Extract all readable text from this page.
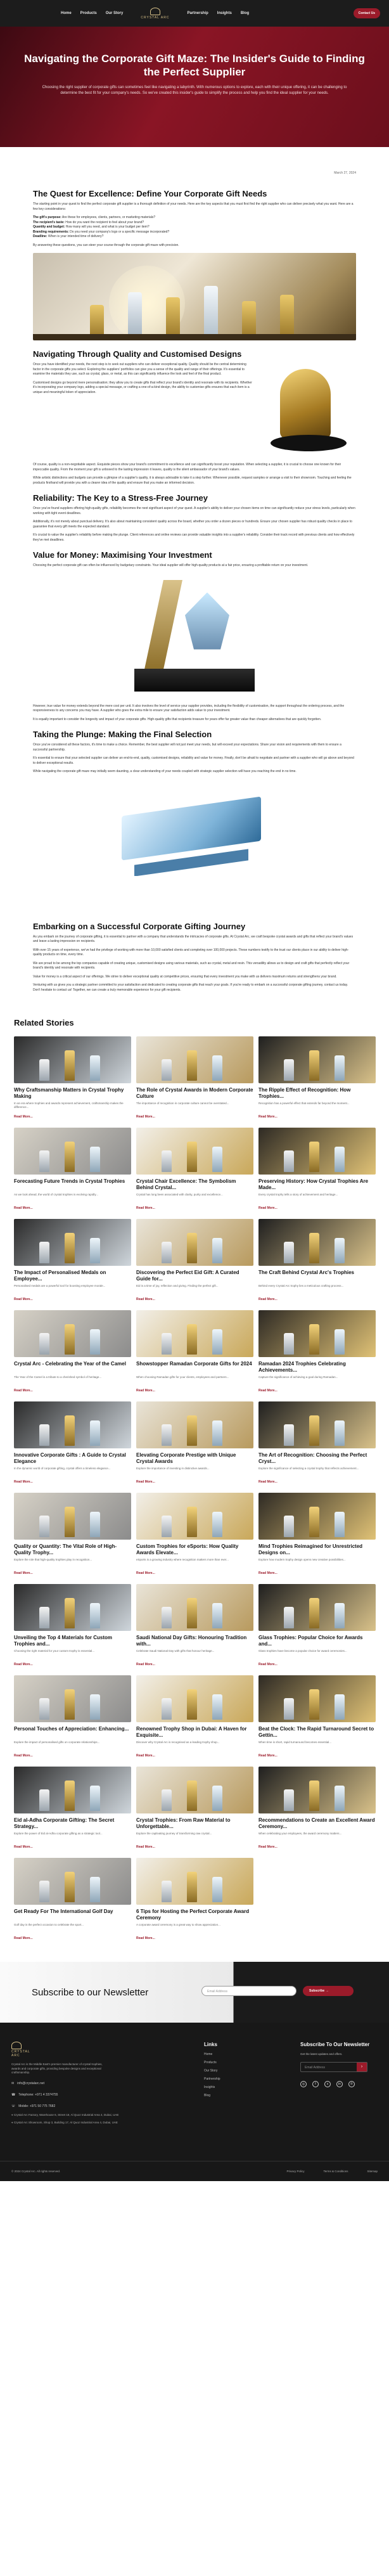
Home Products Our Story
CRYSTAL ARC
Partnership Insights Blog	Contact Us
Navigating the Corporate Gift Maze: The Insider's Guide to Finding the Perfect Supplier

Choosing the right supplier of corporate gifts can sometimes feel like navigating a labyrinth. With numerous options to explore, each with their unique offering, it can be challenging to determine the best fit for your company's needs. So we've created this insider's guide to simplify the process and help you find the ideal supplier for your needs.

March 27, 2024
The Quest for Excellence: Define Your Corporate Gift Needs

The starting point in your quest to find the perfect corporate gift supplier is a thorough definition of your needs. Here are the key aspects that you must first find the right supplier who can deliver precisely what you want. Here are a few key considerations:

The gift's purpose: Are these for employees, clients, partners, or marketing materials?
The recipient's taste: How do you want the recipient to feel about your brand?
Quantity and budget: How many will you need, and what is your budget per item?
Branding requirements: Do you need your company's logo or a specific message incorporated?
Deadline: When is your intended time of delivery?

By answering these questions, you can steer your course through the corporate gift maze with precision.

Navigating Through Quality and Customised Designs

Once you have identified your needs, the next step is to seek out suppliers who can deliver exceptional quality. Quality should be the central determining factor in the corporate gifts you select. Exploring the suppliers' portfolios can give you a sense of the quality and range of their offerings. It's essential to examine the materials they use, such as crystal, glass, or metal, as this can significantly influence the look and feel of the final product.

Customised designs go beyond mere personalisation; they allow you to create gifts that reflect your brand's identity and resonate with its recipients. Whether it's incorporating your company logo, adding a special message, or crafting a one-of-a-kind design, the ability to customise gifts ensures that each item is a unique and meaningful token of appreciation.

Of course, quality is a non-negotiable aspect. Exquisite pieces show your brand's commitment to excellence and can significantly boost your reputation. When selecting a supplier, it is crucial to choose one known for their impeccable quality. From the moment your gift is unboxed to the lasting impression it leaves, quality is the silent ambassador of your brand's values.

While artistic distinctions and budgets can provide a glimpse of a supplier's quality, it is always advisable to take it a step further. Whenever possible, request samples or arrange a visit to their showroom. Touching and feeling the products firsthand will provide you with a clearer idea of the quality and ensure that you make an informed decision.

Reliability: The Key to a Stress-Free Journey

Once you've found suppliers offering high-quality gifts, reliability becomes the next significant aspect of your quest. A supplier's ability to deliver your chosen items on time can significantly reduce your stress levels, particularly when working with tight event deadlines.

Additionally, it's not merely about punctual delivery. It's also about maintaining consistent quality across the board, whether you order a dozen pieces or hundreds. Ensure your chosen supplier has robust quality checks in place to guarantee that every gift meets the expected standard.

It's crucial to value the supplier's reliability before making the plunge. Client references and online reviews can provide valuable insights into a supplier's reliability. Consider their track record with previous clients and how effectively they've met deadlines.

Value for Money: Maximising Your Investment

Choosing the perfect corporate gift can often be influenced by budgetary constraints. Your ideal supplier will offer high-quality products at a fair price, ensuring a profitable return on your investment.

However, true value for money extends beyond the mere cost per unit. It also involves the level of service your supplier provides, including the flexibility of customisation, the support throughout the ordering process, and the responsiveness to any concerns you may have. A supplier who goes the extra mile to ensure your satisfaction adds value to your investment.

It is equally important to consider the longevity and impact of your corporate gifts. High-quality gifts that recipients treasure for years offer far greater value than cheaper alternatives that are quickly forgotten.

Taking the Plunge: Making the Final Selection

Once you've considered all these factors, it's time to make a choice. Remember, the best supplier will not just meet your needs, but will exceed your expectations. Share your vision and requirements with them to ensure a successful partnership.

It's essential to ensure that your selected supplier can deliver an end-to-end, quality, customised designs, reliability and value for money. Finally, don't be afraid to negotiate and partner with a supplier who will go above and beyond to deliver exceptional results.

While navigating the corporate gift maze may initially seem daunting, a clear understanding of your needs coupled with strategic supplier selection will have you reaching the end in no time.

Embarking on a Successful Corporate Gifting Journey

As you embark on the journey of corporate gifting, it is essential to partner with a company that understands the intricacies of corporate gifts. At Crystal Arc, we craft bespoke crystal awards and gifts that reflect your brand's values and leave a lasting impression on recipients.

With over 15 years of experience, we've had the privilege of working with more than 10,000 satisfied clients and completing over 100,000 projects. These numbers testify to the trust our clients place in our ability to deliver high-quality products on time, every time.

We are proud to be among the top companies capable of creating unique, customised designs using various materials, such as crystal, metal and resin. This versatility allows us to design and craft gifts that perfectly reflect your brand's identity and resonate with recipients.

Value for money is a critical aspect of our offerings. We strive to deliver exceptional quality at competitive prices, ensuring that every investment you make with us delivers maximum returns and strengthens your brand.

Venturing with us gives you a strategic partner committed to your satisfaction and dedicated to creating corporate gifts that reach your goals. If you're ready to embark on a successful corporate gifting journey, contact us today. Don't hesitate to contact us! Together, we can create a truly memorable experience for your gift recipients.

Related Stories
Why Craftsmanship Matters in Crystal Trophy Making
In an era where trophies and awards represent achievement, craftsmanship makes the difference...
Read More...
The Role of Crystal Awards in Modern Corporate Culture
The importance of recognition in corporate culture cannot be overstated...
Read More...
The Ripple Effect of Recognition: How Trophies...
Recognition has a powerful effect that extends far beyond the moment...
Read More...
Forecasting Future Trends in Crystal Trophies
As we look ahead, the world of crystal trophies is evolving rapidly...
Read More...
Crystal Chair Excellence: The Symbolism Behind Crystal...
Crystal has long been associated with clarity, purity and excellence...
Read More...
Preserving History: How Crystal Trophies Are Made...
Every crystal trophy tells a story of achievement and heritage...
Read More...
The Impact of Personalised Medals on Employee...
Personalised medals are a powerful tool for boosting employee morale...
Read More...
Discovering the Perfect Eid Gift: A Curated Guide for...
Eid is a time of joy, reflection and giving. Finding the perfect gift...
Read More...
The Craft Behind Crystal Arc's Trophies
Behind every Crystal Arc trophy lies a meticulous crafting process...
Read More...
Crystal Arc - Celebrating the Year of the Camel
The Year of the Camel is a tribute to a cherished symbol of heritage...
Read More...
Showstopper Ramadan Corporate Gifts for 2024
When choosing Ramadan gifts for your clients, employees and partners...
Read More...
Ramadan 2024 Trophies Celebrating Achievements...
Capture the significance of achieving a goal during Ramadan...
Read More...
Innovative Corporate Gifts : A Guide to Crystal Elegance
In the dynamic world of corporate gifting, crystal offers a timeless elegance...
Read More...
Elevating Corporate Prestige with Unique Crystal Awards
Explore the importance of investing in distinctive awards...
Read More...
The Art of Recognition: Choosing the Perfect Cryst...
Explore the significance of selecting a crystal trophy that reflects achievement...
Read More...
Quality or Quantity: The Vital Role of High-Quality Trophy...
Explore the role that high-quality trophies play in recognition...
Read More...
Custom Trophies for eSports: How Quality Awards Elevate...
eSports is a growing industry where recognition matters more than ever...
Read More...
Mind Trophies Reimagined for Unrestricted Designs on...
Explore how modern trophy design opens new creative possibilities...
Read More...
Unveiling the Top 4 Materials for Custom Trophies and...
Choosing the right material for your custom trophy is essential...
Read More...
Saudi National Day Gifts: Honouring Tradition with...
Celebrate Saudi National Day with gifts that honour heritage...
Read More...
Glass Trophies: Popular Choice for Awards and...
Glass trophies have become a popular choice for award ceremonies...
Read More...
Personal Touches of Appreciation: Enhancing...
Explore the impact of personalised gifts on corporate relationships...
Read More...
Renowned Trophy Shop in Dubai: A Haven for Exquisite...
Discover why Crystal Arc is recognised as a leading trophy shop...
Read More...
Beat the Clock: The Rapid Turnaround Secret to Gettin...
When time is short, rapid turnaround becomes essential...
Read More...
Eid al-Adha Corporate Gifting: The Secret Strategy...
Explore the power of Eid al-Adha corporate gifting as a strategic tool...
Read More...
Crystal Trophies: From Raw Material to Unforgettable...
Explore the captivating journey of transforming raw crystal...
Read More...
Recommendations to Create an Excellent Award Ceremony...
When celebrating your employees, the award ceremony matters...
Read More...
Get Ready For The International Golf Day
Golf day is the perfect occasion to celebrate the sport...
Read More...
6 Tips for Hosting the Perfect Corporate Award Ceremony
A corporate award ceremony is a great way to show appreciation...
Read More...
Subscribe to our Newsletter	Email Address	Subscribe →
CRYSTAL ARC

Crystal Arc is the Middle East's premier manufacturer of crystal trophies, awards and corporate gifts, providing bespoke designs and exceptional craftsmanship.

✉ info@crystalarc.net
☎ Telephone: +971 4 3374755
☏ Mobile: +971 50 775 7682
⌖ Crystal Arc Factory, Warehouse 6, Street 18, Al Quoz Industrial Area 4, Dubai, UAE
⌖ Crystal Arc Showroom, Shop 3, Building 17, Al Quoz Industrial Area 4, Dubai, UAE
Links
Home
Products
Our Story
Partnership
Insights
Blog
Subscribe To Our Newsletter

Get the latest updates and offers.

Email Address	›
◎	f	x	in	✆
© 2024 Crystal Arc. All rights reserved.	Privacy Policy	Terms & Conditions	Sitemap
